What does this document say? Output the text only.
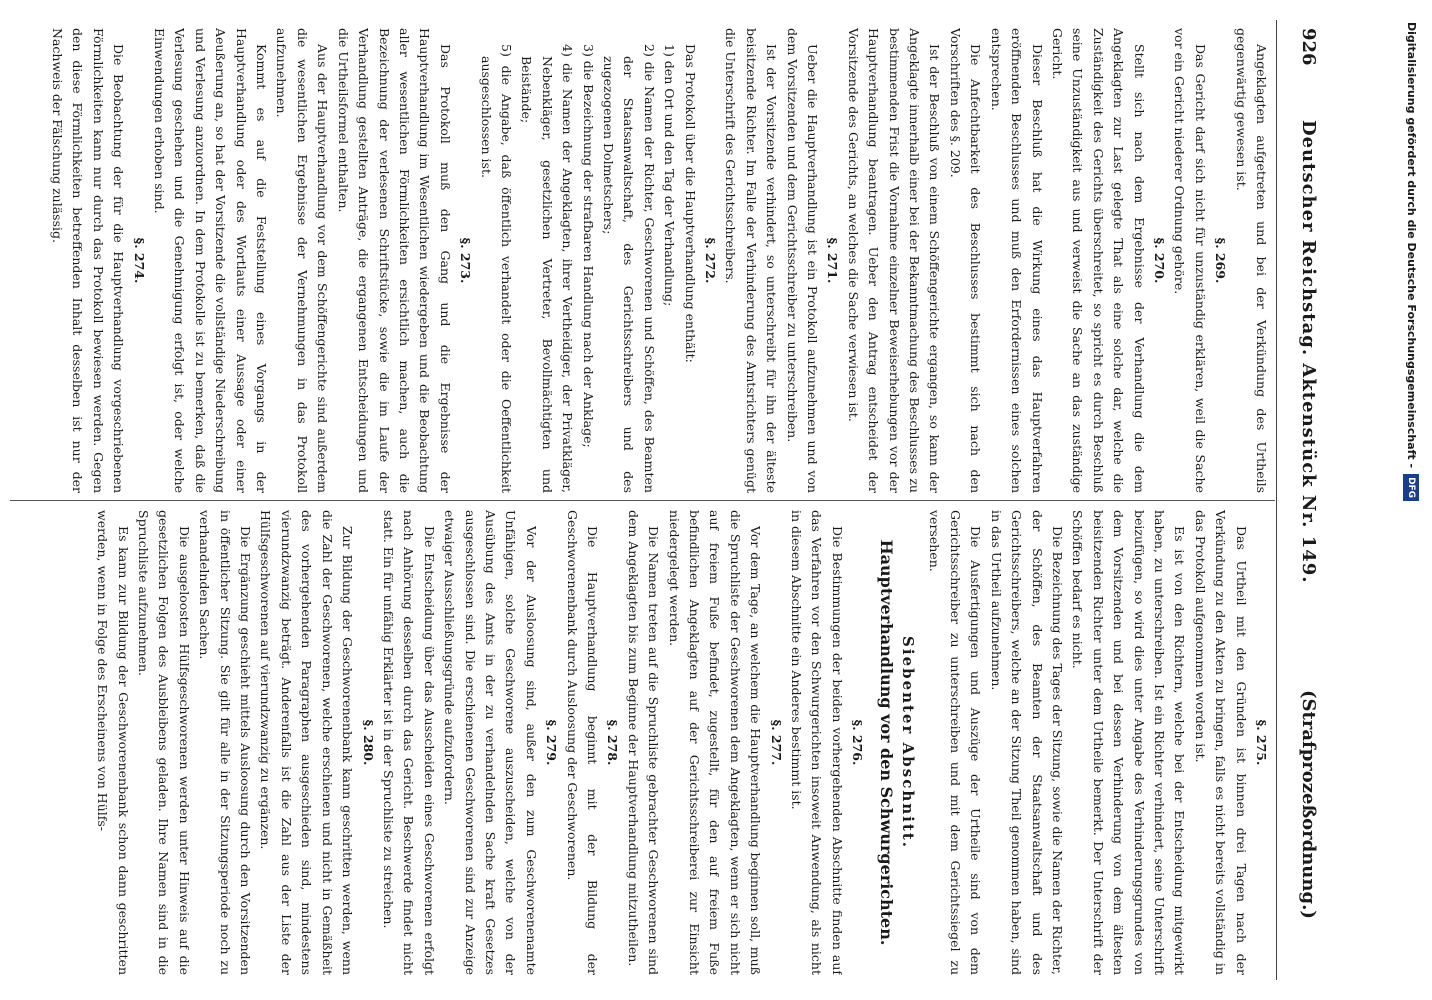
926
Deutscher Reichstag. Aktenstück Nr. 149.
(Strafprozeßordnung.)

Angeklagten aufgetreten und bei der Verkündung des Urtheils gegenwärtig gewesen ist.

§. 269.

Das Gericht darf sich nicht für unzuständig erklären, weil die Sache vor ein Gericht niederer Ordnung gehöre.

§. 270.

Stellt sich nach dem Ergebnisse der Verhandlung die dem Angeklagten zur Last gelegte That als eine solche dar, welche die Zuständigkeit des Gerichts überschreitet, so spricht es durch Beschluß seine Unzuständigkeit aus und verweist die Sache an das zuständige Gericht.

Dieser Beschluß hat die Wirkung eines das Hauptverfahren eröffnenden Beschlusses und muß den Erfordernissen eines solchen entsprechen.

Die Anfechtbarkeit des Beschlusses bestimmt sich nach den Vorschriften des §. 209.

Ist der Beschluß von einem Schöffengerichte ergangen, so kann der Angeklagte innerhalb einer bei der Bekanntmachung des Beschlusses zu bestimmenden Frist die Vornahme einzelner Beweiserhebungen vor der Hauptverhandlung beantragen. Ueber den Antrag entscheidet der Vorsitzende des Gerichts, an welches die Sache verwiesen ist.

§. 271.

Ueber die Hauptverhandlung ist ein Protokoll aufzunehmen und von dem Vorsitzenden und dem Gerichtsschreiber zu unterschreiben.

Ist der Vorsitzende verhindert, so unterschreibt für ihn der älteste beisitzende Richter. Im Falle der Verhinderung des Amtsrichters genügt die Unterschrift des Gerichtsschreibers.

§. 272.

Das Protokoll über die Hauptverhandlung enthält:

1) den Ort und den Tag der Verhandlung;

2) die Namen der Richter, Geschworenen und Schöffen, des Beamten der Staatsanwaltschaft, des Gerichtsschreibers und des zugezogenen Dolmetschers;

3) die Bezeichnung der strafbaren Handlung nach der Anklage;

4) die Namen der Angeklagten, ihrer Vertheidiger, der Privatkläger, Nebenkläger, gesetzlichen Vertreter, Bevollmächtigten und Beistände;

5) die Angabe, daß öffentlich verhandelt oder die Oeffentlichkeit ausgeschlossen ist.

§. 273.

Das Protokoll muß den Gang und die Ergebnisse der Hauptverhandlung im Wesentlichen wiedergeben und die Beobachtung aller wesentlichen Förmlichkeiten ersichtlich machen, auch die Bezeichnung der verlesenen Schriftstücke, sowie die im Laufe der Verhandlung gestellten Anträge, die ergangenen Entscheidungen und die Urtheilsformel enthalten.

Aus der Hauptverhandlung vor dem Schöffengerichte sind außerdem die wesentlichen Ergebnisse der Vernehmungen in das Protokoll aufzunehmen.

Kommt es auf die Feststellung eines Vorgangs in der Hauptverhandlung oder des Wortlauts einer Aussage oder einer Aeußerung an, so hat der Vorsitzende die vollständige Niederschreibung und Verlesung anzuordnen. In dem Protokolle ist zu bemerken, daß die Verlesung geschehen und die Genehmigung erfolgt ist, oder welche Einwendungen erhoben sind.

§. 274.

Die Beobachtung der für die Hauptverhandlung vorgeschriebenen Förmlichkeiten kann nur durch das Protokoll bewiesen werden. Gegen den diese Förmlichkeiten betreffenden Inhalt desselben ist nur der Nachweis der Fälschung zulässig.

§. 275.

Das Urtheil mit den Gründen ist binnen drei Tagen nach der Verkündung zu den Akten zu bringen, falls es nicht bereits vollständig in das Protokoll aufgenommen worden ist.

Es ist von den Richtern, welche bei der Entscheidung mitgewirkt haben, zu unterschreiben. Ist ein Richter verhindert, seine Unterschrift beizufügen, so wird dies unter Angabe des Verhinderungsgrundes von dem Vorsitzenden und bei dessen Verhinderung von dem ältesten beisitzenden Richter unter dem Urtheile bemerkt. Der Unterschrift der Schöffen bedarf es nicht.

Die Bezeichnung des Tages der Sitzung, sowie die Namen der Richter, der Schöffen, des Beamten der Staatsanwaltschaft und des Gerichtsschreibers, welche an der Sitzung Theil genommen haben, sind in das Urtheil aufzunehmen.

Die Ausfertigungen und Auszüge der Urtheile sind von dem Gerichtsschreiber zu unterschreiben und mit dem Gerichtssiegel zu versehen.

Siebenter Abschnitt.

Hauptverhandlung vor den Schwurgerichten.

§. 276.

Die Bestimmungen der beiden vorhergehenden Abschnitte finden auf das Verfahren vor den Schwurgerichten insoweit Anwendung, als nicht in diesem Abschnitte ein Anderes bestimmt ist.

§. 277.

Vor dem Tage, an welchem die Hauptverhandlung beginnen soll, muß die Spruchliste der Geschworenen dem Angeklagten, wenn er sich nicht auf freiem Fuße befindet, zugestellt, für den auf freiem Fuße befindlichen Angeklagten auf der Gerichtsschreiberei zur Einsicht niedergelegt werden.

Die Namen treten auf die Spruchliste gebrachter Geschworenen sind dem Angeklagten bis zum Beginne der Hauptverhandlung mitzutheilen.

§. 278.

Die Hauptverhandlung beginnt mit der Bildung der Geschworenenbank durch Ausloosung der Geschworenen.

§. 279.

Vor der Ausloosung sind, außer den zum Geschworenenamte Unfähigen, solche Geschworene auszuscheiden, welche von der Ausübung des Amts in der zu verhandelnden Sache kraft Gesetzes ausgeschlossen sind. Die erschienenen Geschworenen sind zur Anzeige etwaiger Ausschließungsgründe aufzufordern.

Die Entscheidung über das Ausscheiden eines Geschworenen erfolgt nach Anhörung desselben durch das Gericht. Beschwerde findet nicht statt. Ein für unfähig Erklärter ist in der Spruchliste zu streichen.

§. 280.

Zur Bildung der Geschworenenbank kann geschritten werden, wenn die Zahl der Geschworenen, welche erschienen und nicht in Gemäßheit des vorhergehenden Paragraphen ausgeschieden sind, mindestens vierundzwanzig beträgt. Anderenfalls ist die Zahl aus der Liste der Hülfsgeschworenen auf vierundzwanzig zu ergänzen.

Die Ergänzung geschieht mittels Ausloosung durch den Vorsitzenden in öffentlicher Sitzung. Sie gilt für alle in der Sitzungsperiode noch zu verhandelnden Sachen.

Die ausgeloosten Hülfsgeschworenen werden unter Hinweis auf die gesetzlichen Folgen des Ausbleibens geladen. Ihre Namen sind in die Spruchliste aufzunehmen.

Es kann zur Bildung der Geschworenenbank schon dann geschritten werden, wenn in Folge des Erscheinens von Hülfs-

Digitalisierung gefördert durch die Deutsche Forschungsgemeinschaft -DFG
